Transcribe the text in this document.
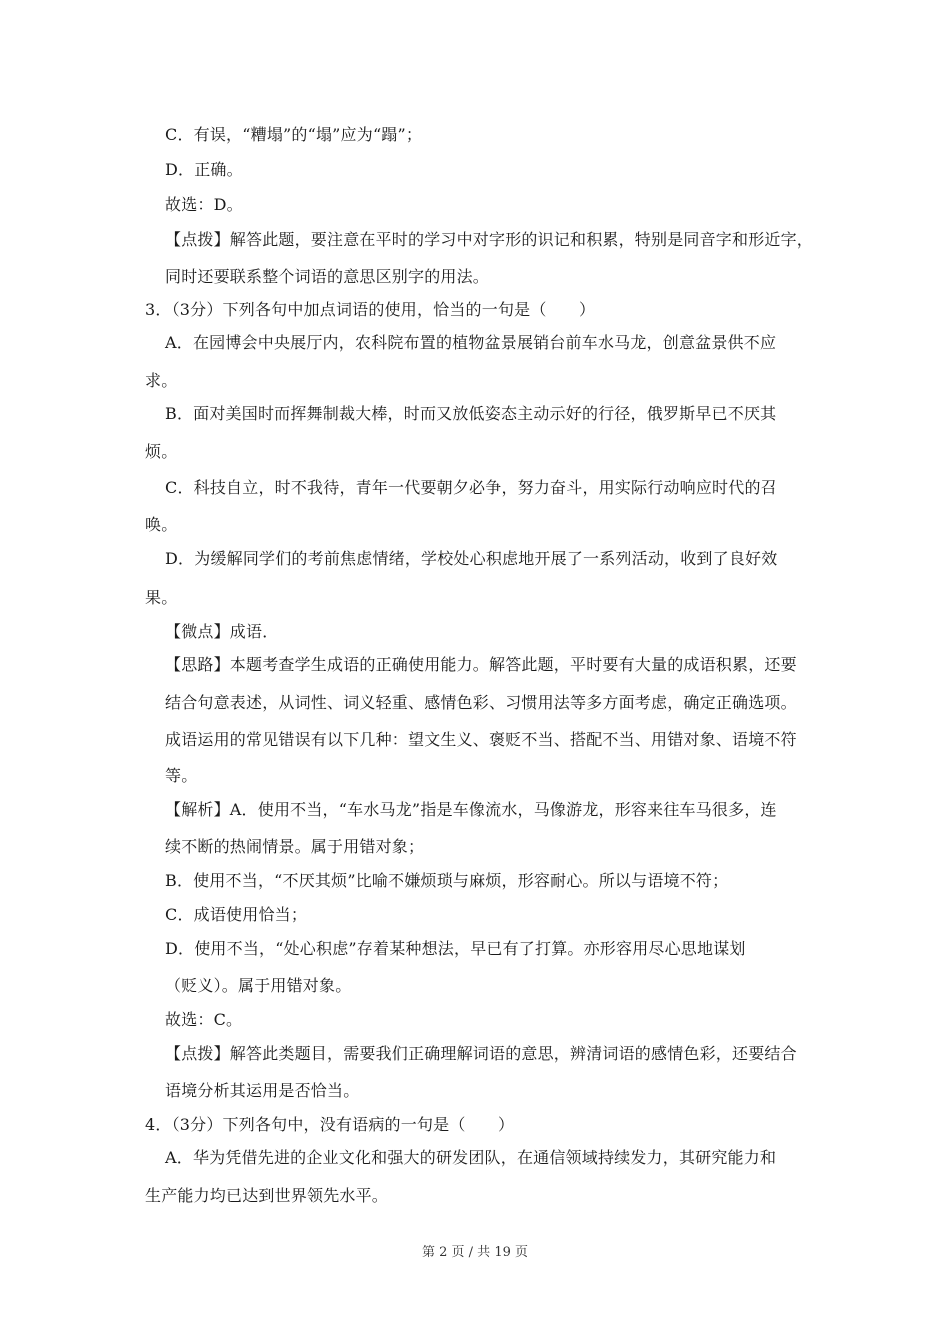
C．有误，“糟塌”的“塌”应为“蹋”；
D．正确。
故选：D。
【点拨】解答此题，要注意在平时的学习中对字形的识记和积累，特别是同音字和形近字，
同时还要联系整个词语的意思区别字的用法。
3．（3分）下列各句中加点词语的使用，恰当的一句是（　　）
A．在园博会中央展厅内，农科院布置的植物盆景展销台前车水马龙，创意盆景供不应
求。
B．面对美国时而挥舞制裁大棒，时而又放低姿态主动示好的行径，俄罗斯早已不厌其
烦。
C．科技自立，时不我待，青年一代要朝夕必争，努力奋斗，用实际行动响应时代的召
唤。
D．为缓解同学们的考前焦虑情绪，学校处心积虑地开展了一系列活动，收到了良好效
果。
【微点】成语．
【思路】本题考查学生成语的正确使用能力。解答此题，平时要有大量的成语积累，还要
结合句意表述，从词性、词义轻重、感情色彩、习惯用法等多方面考虑，确定正确选项。
成语运用的常见错误有以下几种：望文生义、褒贬不当、搭配不当、用错对象、语境不符
等。
【解析】A．使用不当，“车水马龙”指是车像流水，马像游龙，形容来往车马很多，连
续不断的热闹情景。属于用错对象；
B．使用不当，“不厌其烦”比喻不嫌烦琐与麻烦，形容耐心。所以与语境不符；
C．成语使用恰当；
D．使用不当，“处心积虑”存着某种想法，早已有了打算。亦形容用尽心思地谋划
（贬义）。属于用错对象。
故选：C。
【点拨】解答此类题目，需要我们正确理解词语的意思，辨清词语的感情色彩，还要结合
语境分析其运用是否恰当。
4．（3分）下列各句中，没有语病的一句是（　　）
A．华为凭借先进的企业文化和强大的研发团队，在通信领域持续发力，其研究能力和
生产能力均已达到世界领先水平。
第 2 页 / 共 19 页
